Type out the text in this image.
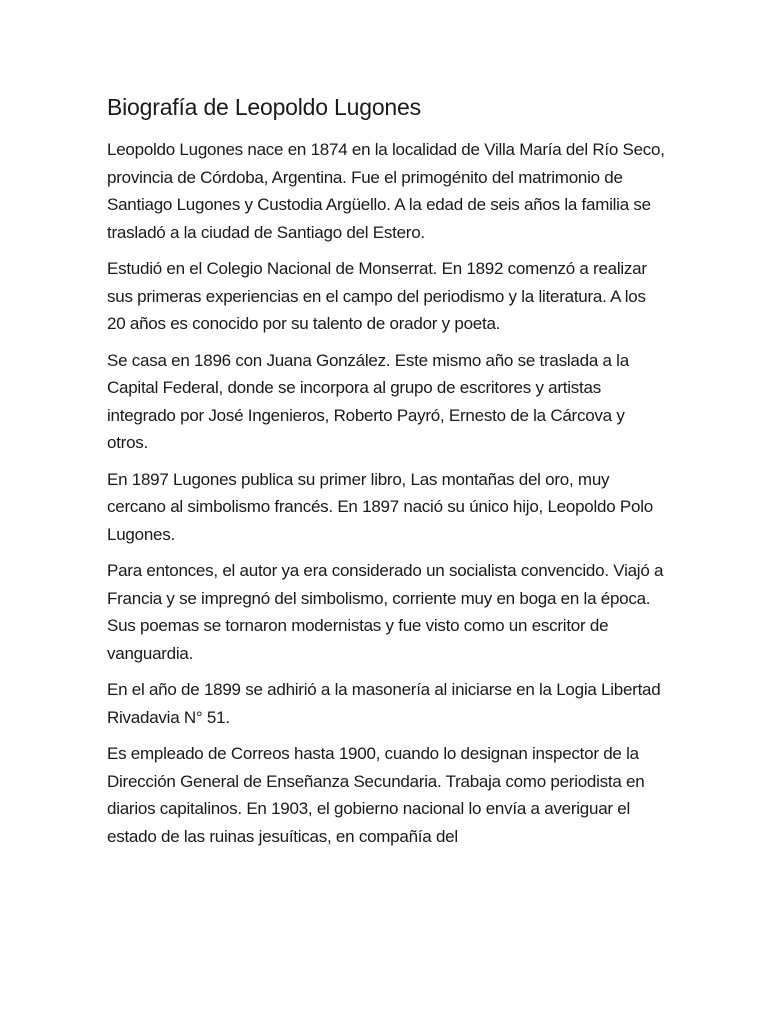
Biografía de Leopoldo Lugones

Leopoldo Lugones nace en 1874 en la localidad de Villa María del Río Seco, provincia de Córdoba, Argentina. Fue el primogénito del matrimonio de Santiago Lugones y Custodia Argüello. A la edad de seis años la familia se trasladó a la ciudad de Santiago del Estero.

Estudió en el Colegio Nacional de Monserrat. En 1892 comenzó a realizar sus primeras experiencias en el campo del periodismo y la literatura. A los 20 años es conocido por su talento de orador y poeta.

Se casa en 1896 con Juana González. Este mismo año se traslada a la Capital Federal, donde se incorpora al grupo de escritores y artistas integrado por José Ingenieros, Roberto Payró, Ernesto de la Cárcova y otros.

En 1897 Lugones publica su primer libro, Las montañas del oro, muy cercano al simbolismo francés. En 1897 nació su único hijo, Leopoldo Polo Lugones.

Para entonces, el autor ya era considerado un socialista convencido. Viajó a Francia y se impregnó del simbolismo, corriente muy en boga en la época. Sus poemas se tornaron modernistas y fue visto como un escritor de vanguardia.

En el año de 1899 se adhirió a la masonería al iniciarse en la Logia Libertad Rivadavia N° 51.

Es empleado de Correos hasta 1900, cuando lo designan inspector de la Dirección General de Enseñanza Secundaria. Trabaja como periodista en diarios capitalinos. En 1903, el gobierno nacional lo envía a averiguar el estado de las ruinas jesuíticas, en compañía del
